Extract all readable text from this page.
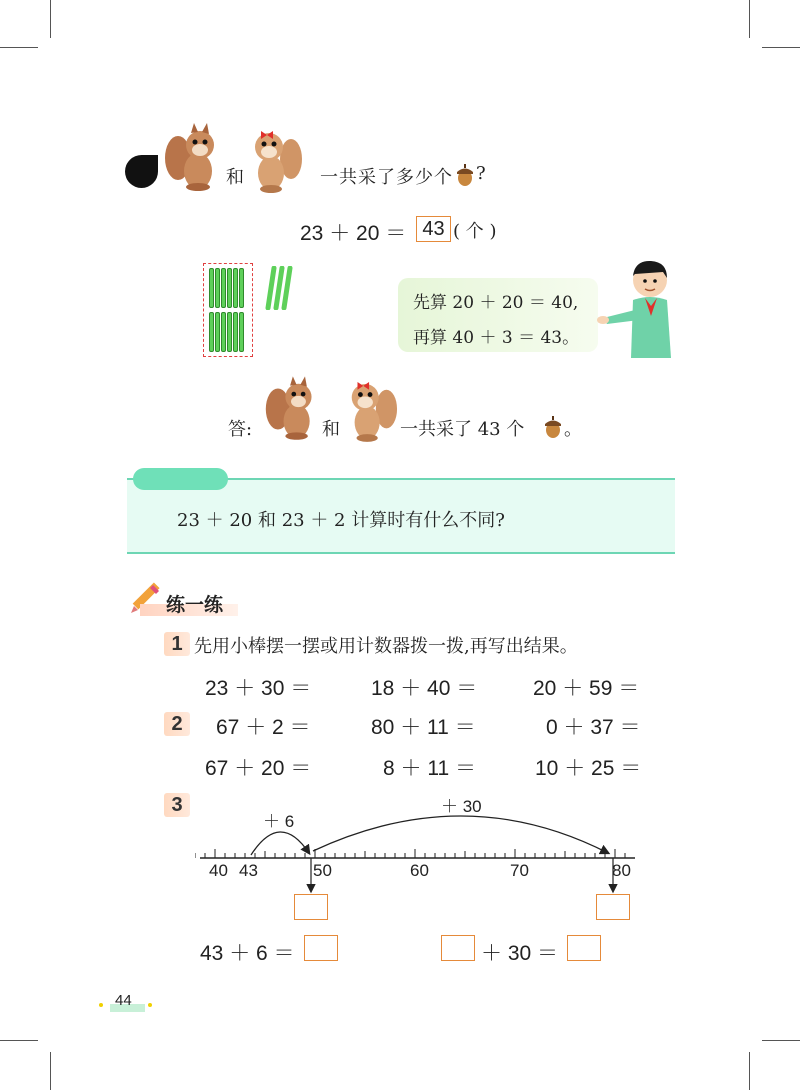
和	一共采了多少个 ?
23 ＋ 20 ＝ 43 ( 个 )
先算 20 ＋ 20 ＝ 40,
再算 40 ＋ 3 ＝ 43。
答:	和	一共采了 43 个 。
23 ＋ 20 和 23 ＋ 2 计算时有什么不同?
练一练
1 先用小棒摆一摆或用计数器拨一拨,再写出结果。
23 ＋ 30 ＝	18 ＋ 40 ＝	20 ＋ 59 ＝
2	67 ＋ 2 ＝	80 ＋ 11 ＝	0 ＋ 37 ＝
67 ＋ 20 ＝	8 ＋ 11 ＝	10 ＋ 25 ＝
3
＋ 6
＋ 30
40 43	50	60	70	80
43 ＋ 6 ＝	＋ 30 ＝
44
